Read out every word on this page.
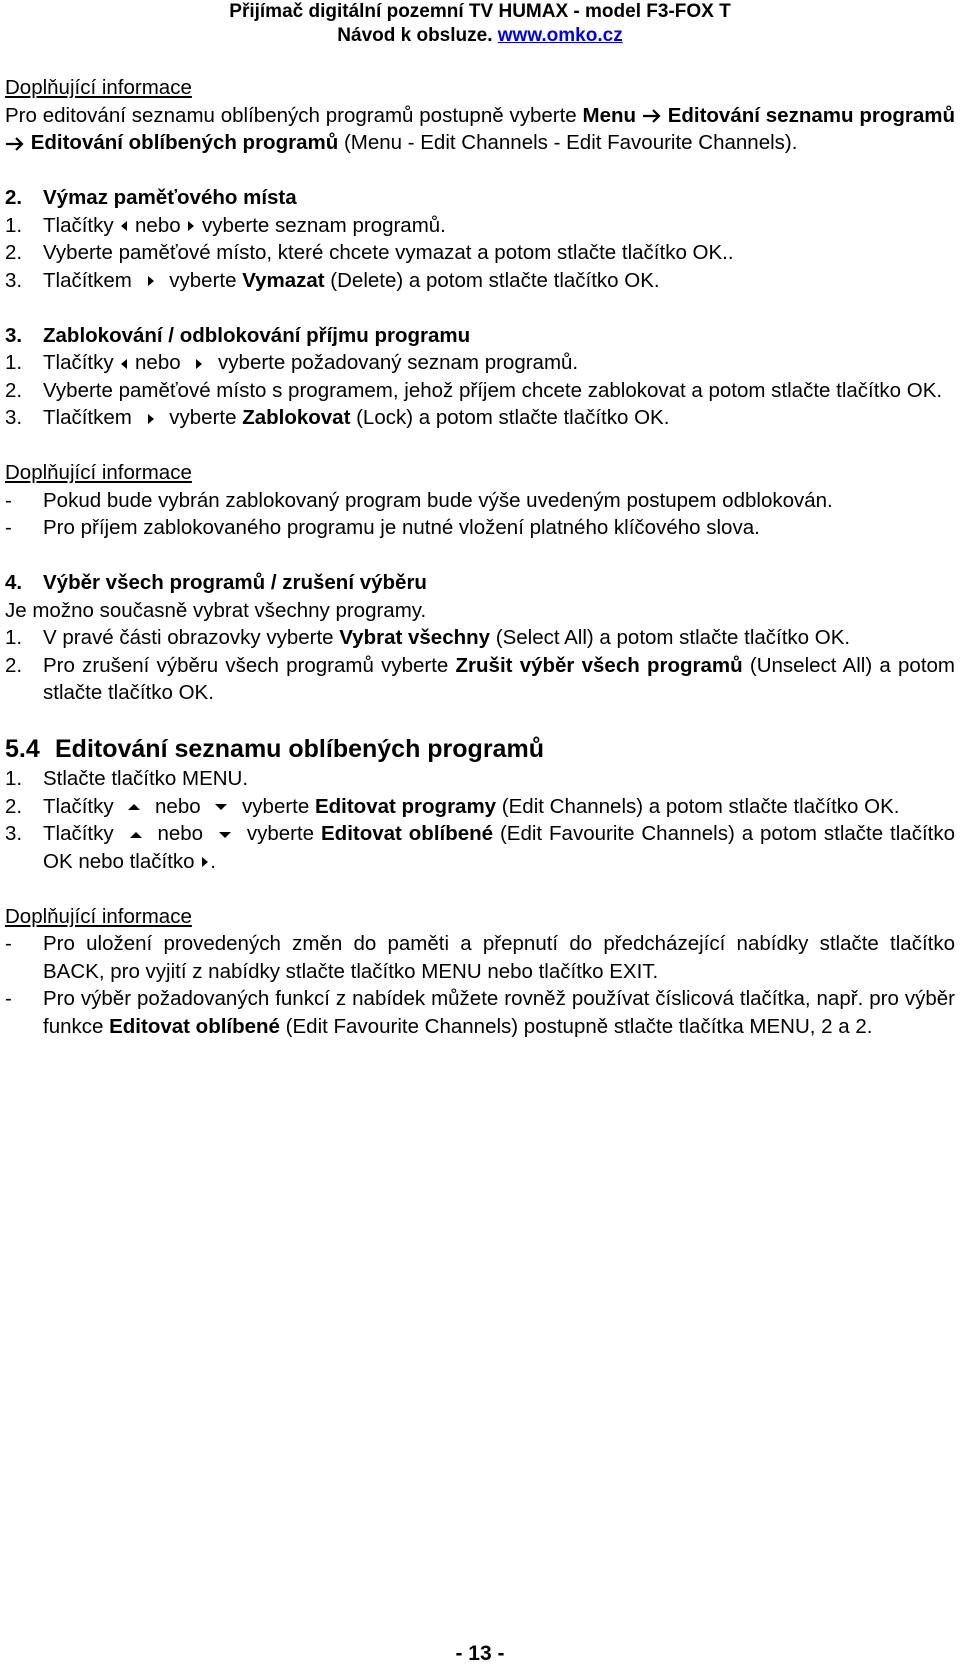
Přijímač digitální pozemní TV HUMAX - model F3-FOX T
Návod k obsluze. www.omko.cz
Doplňující informace
Pro editování seznamu oblíbených programů postupně vyberte Menu Editování seznamu programů  Editování oblíbených programů (Menu - Edit Channels - Edit Favourite Channels).
2. Výmaz paměťového místa
1.	Tlačítky nebo vyberte seznam programů.
2.	Vyberte paměťové místo, které chcete vymazat a potom stlačte tlačítko OK..
3.	Tlačítkem vyberte Vymazat (Delete) a potom stlačte tlačítko OK.
3. Zablokování / odblokování příjmu programu
1.	Tlačítky nebo vyberte požadovaný seznam programů.
2.	Vyberte paměťové místo s programem, jehož příjem chcete zablokovat a potom stlačte tlačítko OK.
3.	Tlačítkem vyberte Zablokovat (Lock) a potom stlačte tlačítko OK.
Doplňující informace
-	Pokud bude vybrán zablokovaný program bude výše uvedeným postupem odblokován.
-	Pro příjem zablokovaného programu je nutné vložení platného klíčového slova.
4. Výběr všech programů / zrušení výběru
Je možno současně vybrat všechny programy.
1.	V pravé části obrazovky vyberte Vybrat všechny (Select All) a potom stlačte tlačítko OK.
2.	Pro zrušení výběru všech programů vyberte Zrušit výběr všech programů (Unselect All) a potom stlačte tlačítko OK.
5.4 Editování seznamu oblíbených programů
1.	Stlačte tlačítko MENU.
2.	Tlačítky nebo vyberte Editovat programy (Edit Channels) a potom stlačte tlačítko OK.
3.	Tlačítky nebo vyberte Editovat oblíbené (Edit Favourite Channels) a potom stlačte tlačítko OK nebo tlačítko .
Doplňující informace
-	Pro uložení provedených změn do paměti a přepnutí do předcházející nabídky stlačte tlačítko BACK, pro vyjití z nabídky stlačte tlačítko MENU nebo tlačítko EXIT.
-	Pro výběr požadovaných funkcí z nabídek můžete rovněž používat číslicová tlačítka, např. pro výběr funkce Editovat oblíbené (Edit Favourite Channels) postupně stlačte tlačítka MENU, 2 a 2.
- 13 -
